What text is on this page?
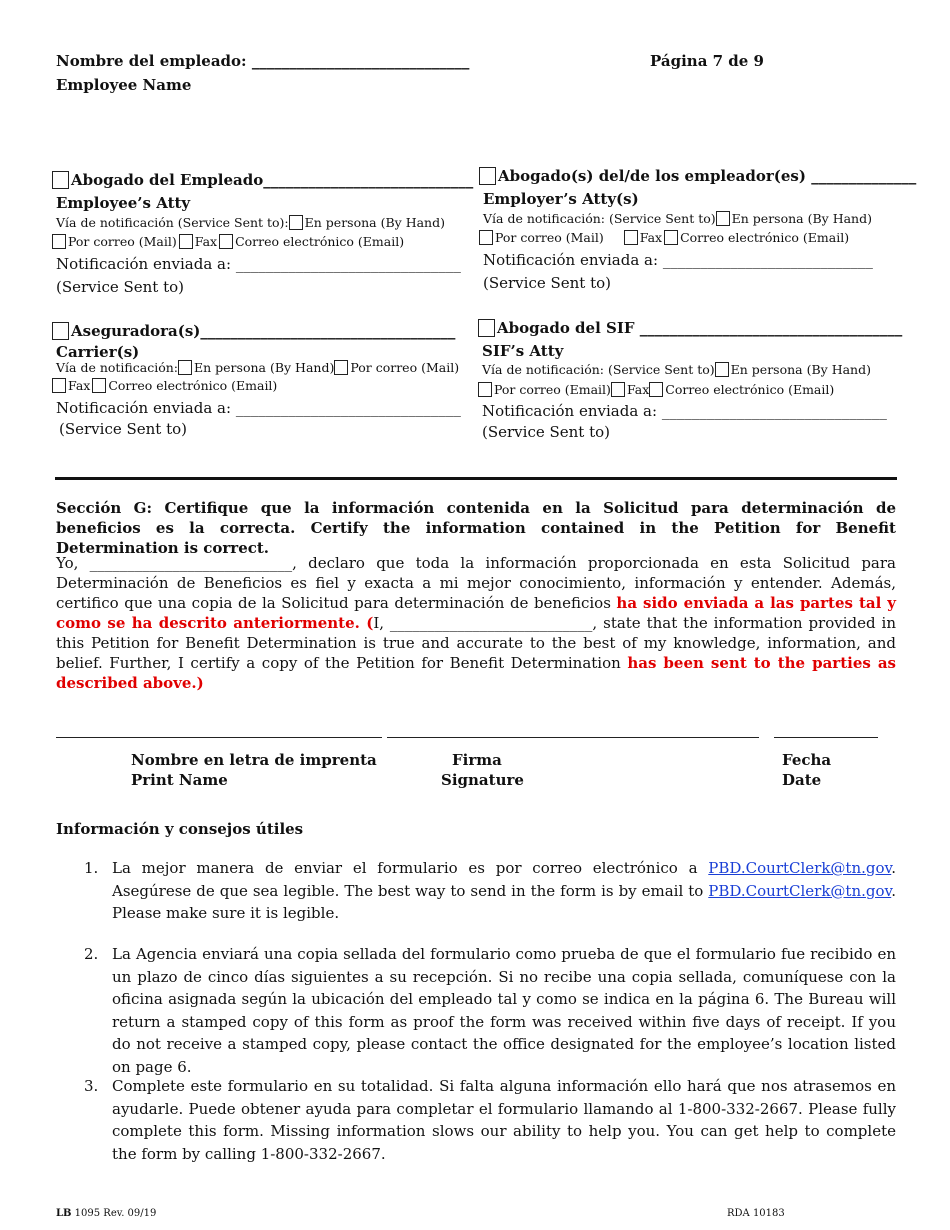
Nombre del empleado: _____________________________
Employee Name
Página 7 de 9
Abogado del Empleado____________________________
Employee’s Atty
Vía de notificación (Service Sent to): En persona (By Hand)
Por correo (Mail) Fax Correo electrónico (Email)
Notificación enviada a: ______________________________
(Service Sent to)
Aseguradora(s)__________________________________
Carrier(s)
Vía de notificación: En persona (By Hand) Por correo (Mail)
Fax Correo electrónico (Email)
Notificación enviada a: ______________________________
(Service Sent to)
Abogado(s) del/de los empleador(es) ______________
Employer’s Atty(s)
Vía de notificación: (Service Sent to) En persona (By Hand)
Por correo (Mail)	Fax Correo electrónico (Email)
Notificación enviada a: ____________________________
(Service Sent to)
Abogado del SIF ___________________________________
SIF’s Atty
Vía de notificación: (Service Sent to) En persona (By Hand)
Por correo (Email) Fax Correo electrónico (Email)
Notificación enviada a: ______________________________
(Service Sent to)
Sección G: Certifique que la información contenida en la Solicitud para determinación de beneficios es la correcta. Certify the information contained in the Petition for Benefit Determination is correct.
Yo, ___________________________, declaro que toda la información proporcionada en esta Solicitud para Determinación de Beneficios es fiel y exacta a mi mejor conocimiento, información y entender. Además, certifico que una copia de la Solicitud para determinación de beneficios ha sido enviada a las partes tal y como se ha descrito anteriormente. (I, ___________________________, state that the information provided in this Petition for Benefit Determination is true and accurate to the best of my knowledge, information, and belief. Further, I certify a copy of the Petition for Benefit Determination has been sent to the parties as described above.)
Nombre en letra de imprenta
Print Name
Firma
Signature
Fecha
Date
Información y consejos útiles
1. La mejor manera de enviar el formulario es por correo electrónico a PBD.CourtClerk@tn.gov. Asegúrese de que sea legible. The best way to send in the form is by email to PBD.CourtClerk@tn.gov. Please make sure it is legible.
2. La Agencia enviará una copia sellada del formulario como prueba de que el formulario fue recibido en un plazo de cinco días siguientes a su recepción. Si no recibe una copia sellada, comuníquese con la oficina asignada según la ubicación del empleado tal y como se indica en la página 6. The Bureau will return a stamped copy of this form as proof the form was received within five days of receipt. If you do not receive a stamped copy, please contact the office designated for the employee’s location listed on page 6.
3. Complete este formulario en su totalidad. Si falta alguna información ello hará que nos atrasemos en ayudarle. Puede obtener ayuda para completar el formulario llamando al 1-800-332-2667. Please fully complete this form. Missing information slows our ability to help you. You can get help to complete the form by calling 1-800-332-2667.
LB 1095 Rev. 09/19	RDA 10183
